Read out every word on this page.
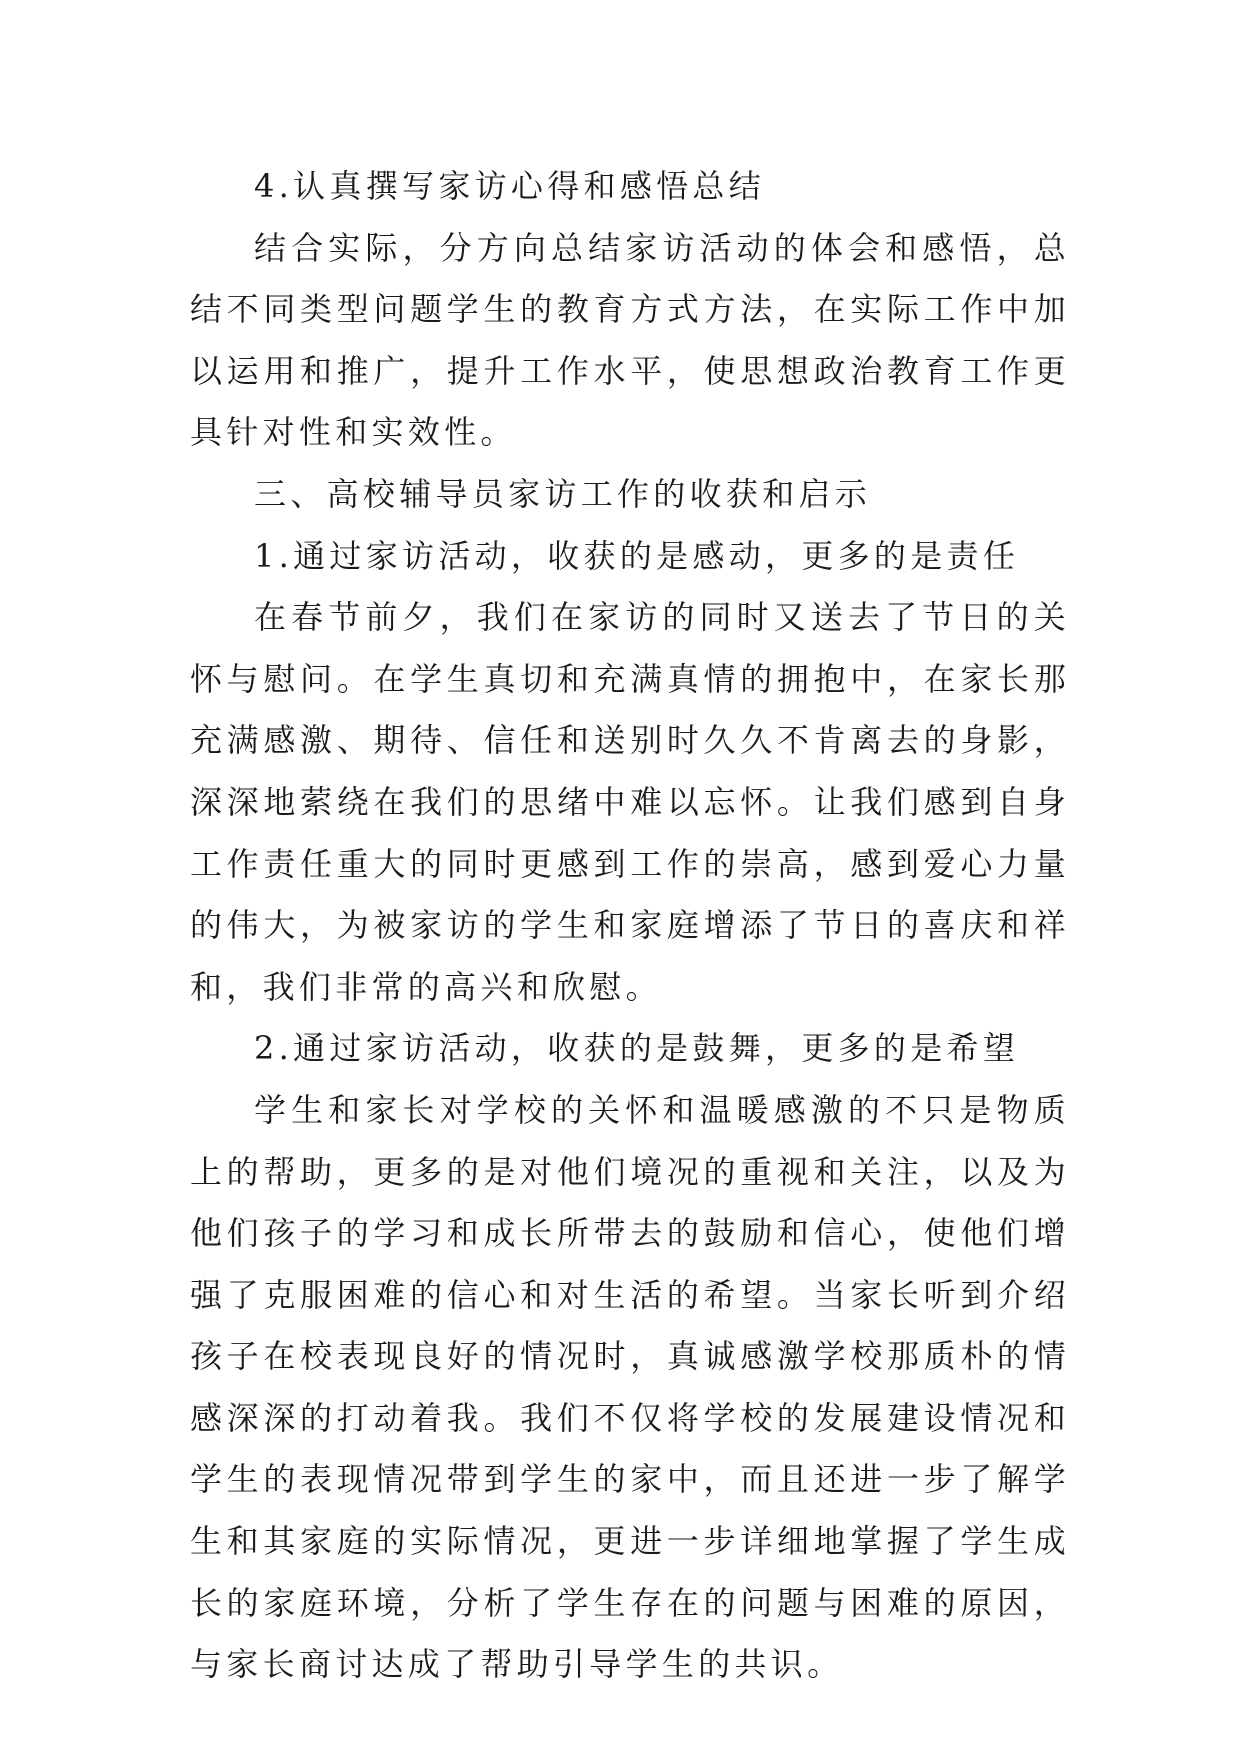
4.认真撰写家访心得和感悟总结

结合实际，分方向总结家访活动的体会和感悟，总结不同类型问题学生的教育方式方法，在实际工作中加以运用和推广，提升工作水平，使思想政治教育工作更具针对性和实效性。

三、高校辅导员家访工作的收获和启示

1.通过家访活动，收获的是感动，更多的是责任

在春节前夕，我们在家访的同时又送去了节日的关怀与慰问。在学生真切和充满真情的拥抱中，在家长那充满感激、期待、信任和送别时久久不肯离去的身影，深深地萦绕在我们的思绪中难以忘怀。让我们感到自身工作责任重大的同时更感到工作的崇高，感到爱心力量的伟大，为被家访的学生和家庭增添了节日的喜庆和祥和，我们非常的高兴和欣慰。

2.通过家访活动，收获的是鼓舞，更多的是希望

学生和家长对学校的关怀和温暖感激的不只是物质上的帮助，更多的是对他们境况的重视和关注，以及为他们孩子的学习和成长所带去的鼓励和信心，使他们增强了克服困难的信心和对生活的希望。当家长听到介绍孩子在校表现良好的情况时，真诚感激学校那质朴的情感深深的打动着我。我们不仅将学校的发展建设情况和学生的表现情况带到学生的家中，而且还进一步了解学生和其家庭的实际情况，更进一步详细地掌握了学生成长的家庭环境，分析了学生存在的问题与困难的原因，与家长商讨达成了帮助引导学生的共识。
